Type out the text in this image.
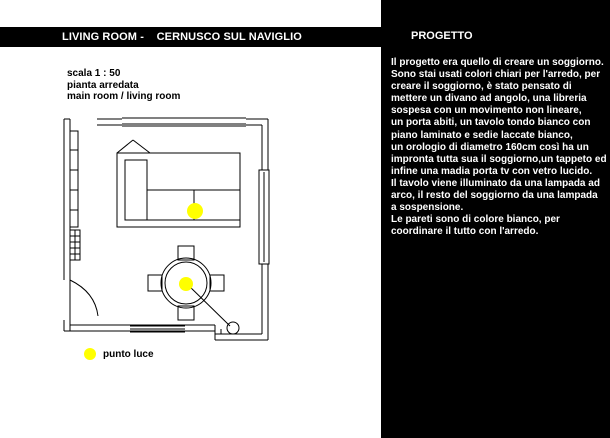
LIVING ROOM -    CERNUSCO SUL NAVIGLIO
scala 1 : 50
pianta arredata
main room / living room
punto luce
PROGETTO
Il progetto era quello di creare un soggiorno.
Sono stai usati colori chiari per l'arredo, per
creare il soggiorno, è stato pensato di
mettere un divano ad angolo, una libreria
sospesa con un movimento non lineare,
un porta abiti, un tavolo tondo bianco con
piano laminato e sedie laccate bianco,
un orologio di diametro 160cm così ha un
impronta tutta sua il soggiorno,un tappeto ed
infine una madia porta tv con vetro lucido.
Il tavolo viene illuminato da una lampada ad
arco, il resto del soggiorno da una lampada
a sospensione.
Le pareti sono di colore bianco, per
coordinare il tutto con l'arredo.
